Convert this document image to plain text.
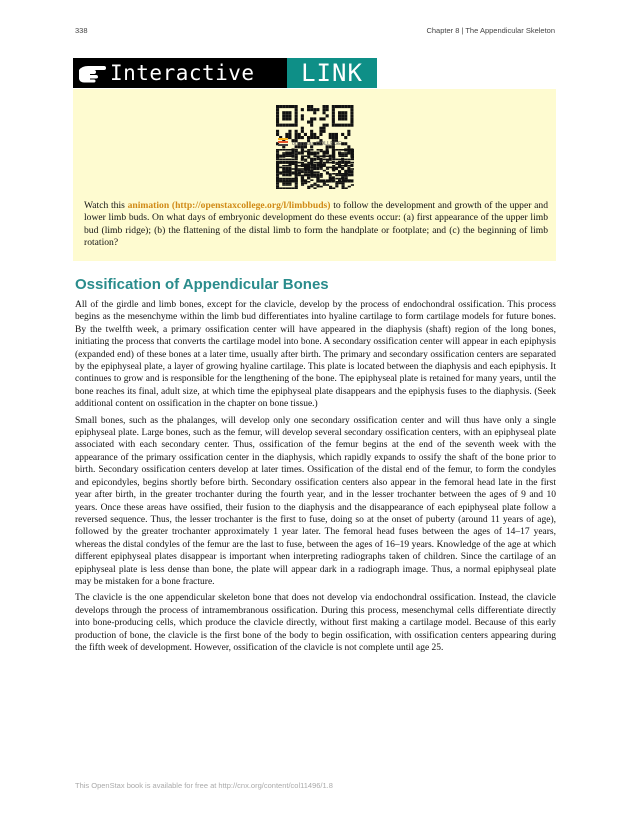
338	Chapter 8 | The Appendicular Skeleton
Interactive	LINK
openstax COLLEGE
Watch this animation (http://openstaxcollege.org/l/limbbuds) to follow the development and growth of the upper and lower limb buds. On what days of embryonic development do these events occur: (a) first appearance of the upper limb bud (limb ridge); (b) the flattening of the distal limb to form the handplate or footplate; and (c) the beginning of limb rotation?
Ossification of Appendicular Bones

All of the girdle and limb bones, except for the clavicle, develop by the process of endochondral ossification. This process begins as the mesenchyme within the limb bud differentiates into hyaline cartilage to form cartilage models for future bones. By the twelfth week, a primary ossification center will have appeared in the diaphysis (shaft) region of the long bones, initiating the process that converts the cartilage model into bone. A secondary ossification center will appear in each epiphysis (expanded end) of these bones at a later time, usually after birth. The primary and secondary ossification centers are separated by the epiphyseal plate, a layer of growing hyaline cartilage. This plate is located between the diaphysis and each epiphysis. It continues to grow and is responsible for the lengthening of the bone. The epiphyseal plate is retained for many years, until the bone reaches its final, adult size, at which time the epiphyseal plate disappears and the epiphysis fuses to the diaphysis. (Seek additional content on ossification in the chapter on bone tissue.)

Small bones, such as the phalanges, will develop only one secondary ossification center and will thus have only a single epiphyseal plate. Large bones, such as the femur, will develop several secondary ossification centers, with an epiphyseal plate associated with each secondary center. Thus, ossification of the femur begins at the end of the seventh week with the appearance of the primary ossification center in the diaphysis, which rapidly expands to ossify the shaft of the bone prior to birth. Secondary ossification centers develop at later times. Ossification of the distal end of the femur, to form the condyles and epicondyles, begins shortly before birth. Secondary ossification centers also appear in the femoral head late in the first year after birth, in the greater trochanter during the fourth year, and in the lesser trochanter between the ages of 9 and 10 years. Once these areas have ossified, their fusion to the diaphysis and the disappearance of each epiphyseal plate follow a reversed sequence. Thus, the lesser trochanter is the first to fuse, doing so at the onset of puberty (around 11 years of age), followed by the greater trochanter approximately 1 year later. The femoral head fuses between the ages of 14–17 years, whereas the distal condyles of the femur are the last to fuse, between the ages of 16–19 years. Knowledge of the age at which different epiphyseal plates disappear is important when interpreting radiographs taken of children. Since the cartilage of an epiphyseal plate is less dense than bone, the plate will appear dark in a radiograph image. Thus, a normal epiphyseal plate may be mistaken for a bone fracture.

The clavicle is the one appendicular skeleton bone that does not develop via endochondral ossification. Instead, the clavicle develops through the process of intramembranous ossification. During this process, mesenchymal cells differentiate directly into bone-producing cells, which produce the clavicle directly, without first making a cartilage model. Because of this early production of bone, the clavicle is the first bone of the body to begin ossification, with ossification centers appearing during the fifth week of development. However, ossification of the clavicle is not complete until age 25.

This OpenStax book is available for free at http://cnx.org/content/col11496/1.8
